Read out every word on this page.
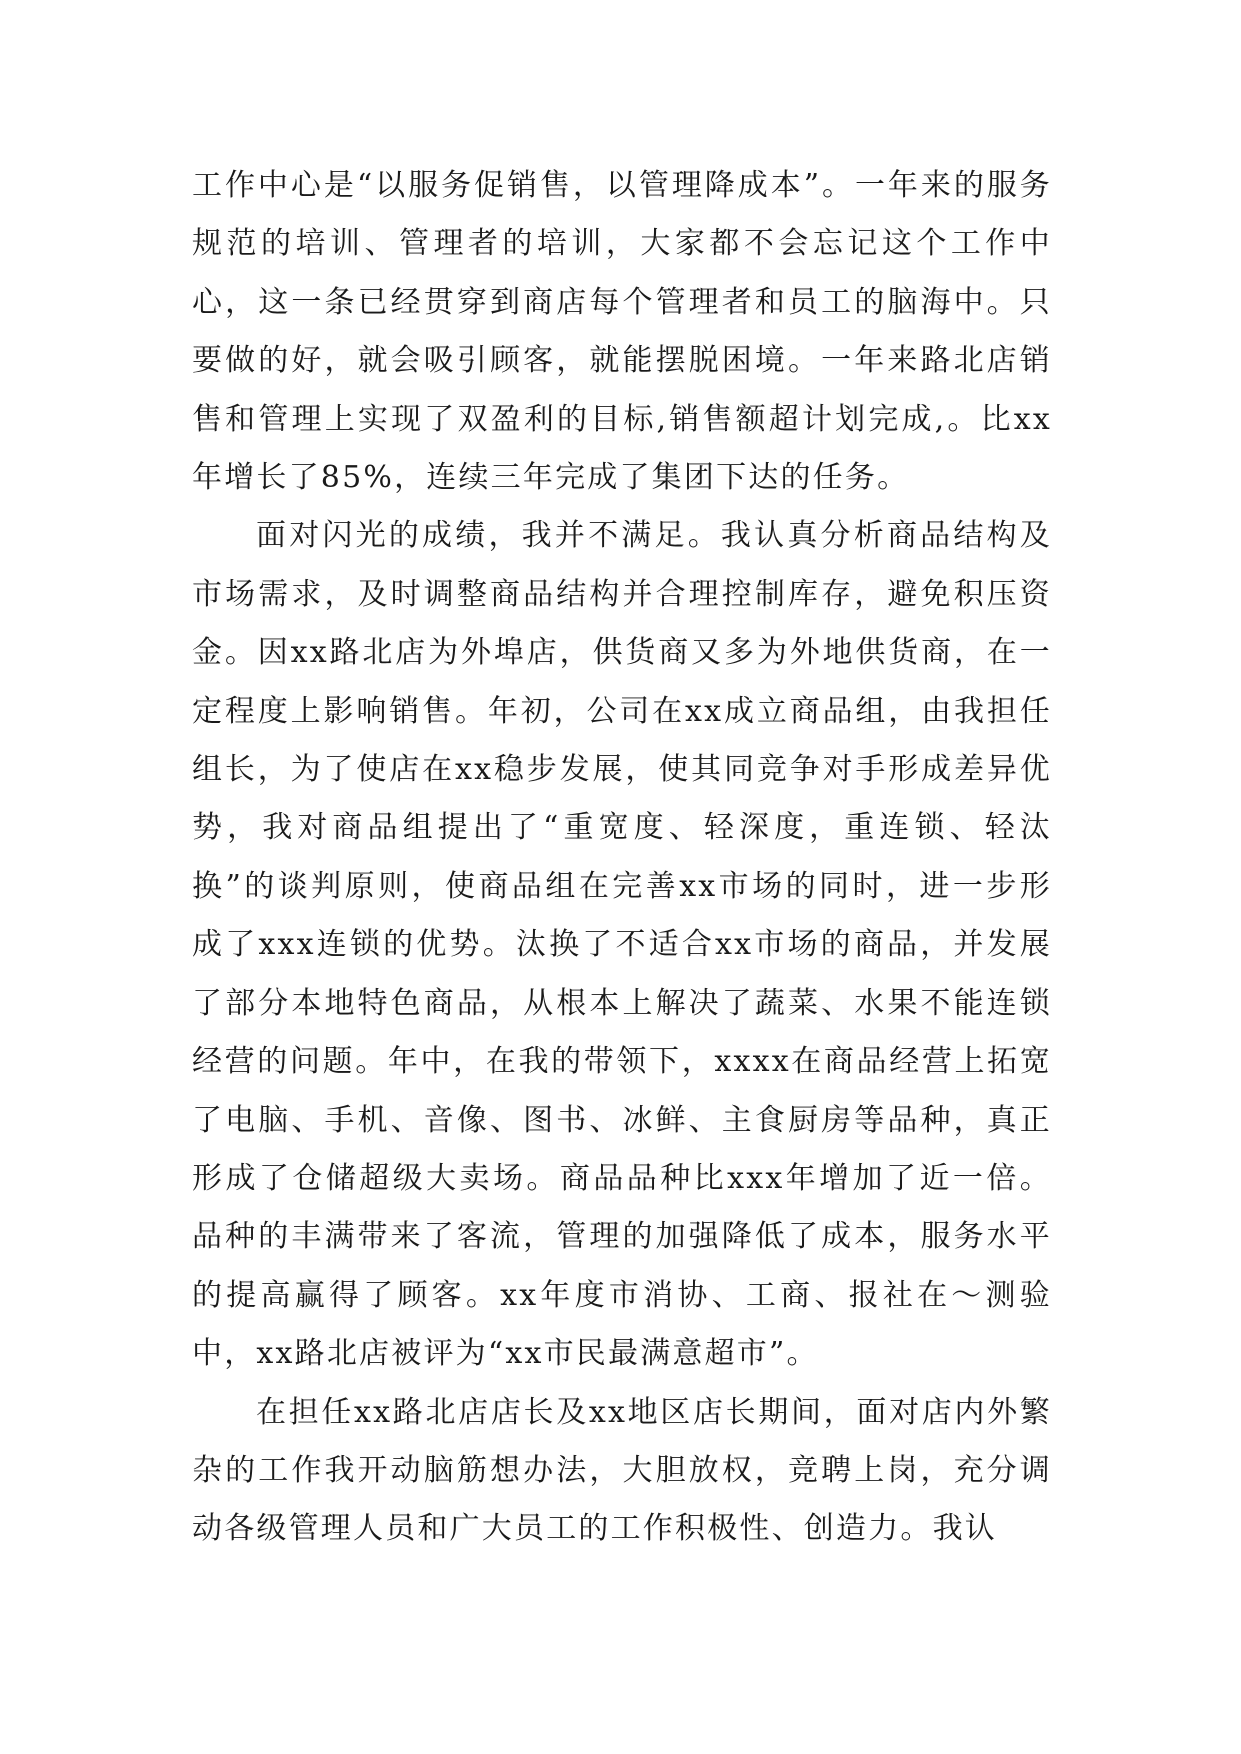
工作中心是“以服务促销售，以管理降成本”。一年来的服务规范的培训、管理者的培训，大家都不会忘记这个工作中心，这一条已经贯穿到商店每个管理者和员工的脑海中。只要做的好，就会吸引顾客，就能摆脱困境。一年来路北店销售和管理上实现了双盈利的目标,销售额超计划完成,。比xx年增长了85%，连续三年完成了集团下达的任务。

面对闪光的成绩，我并不满足。我认真分析商品结构及市场需求，及时调整商品结构并合理控制库存，避免积压资金。因xx路北店为外埠店，供货商又多为外地供货商，在一定程度上影响销售。年初，公司在xx成立商品组，由我担任组长，为了使店在xx稳步发展，使其同竞争对手形成差异优势，我对商品组提出了“重宽度、轻深度，重连锁、轻汰换”的谈判原则，使商品组在完善xx市场的同时，进一步形成了xxx连锁的优势。汰换了不适合xx市场的商品，并发展了部分本地特色商品，从根本上解决了蔬菜、水果不能连锁经营的问题。年中，在我的带领下，xxxx在商品经营上拓宽了电脑、手机、音像、图书、冰鲜、主食厨房等品种，真正形成了仓储超级大卖场。商品品种比xxx年增加了近一倍。品种的丰满带来了客流，管理的加强降低了成本，服务水平的提高赢得了顾客。xx年度市消协、工商、报社在～测验中，xx路北店被评为“xx市民最满意超市”。

在担任xx路北店店长及xx地区店长期间，面对店内外繁杂的工作我开动脑筋想办法，大胆放权，竞聘上岗，充分调动各级管理人员和广大员工的工作积极性、创造力。我认
